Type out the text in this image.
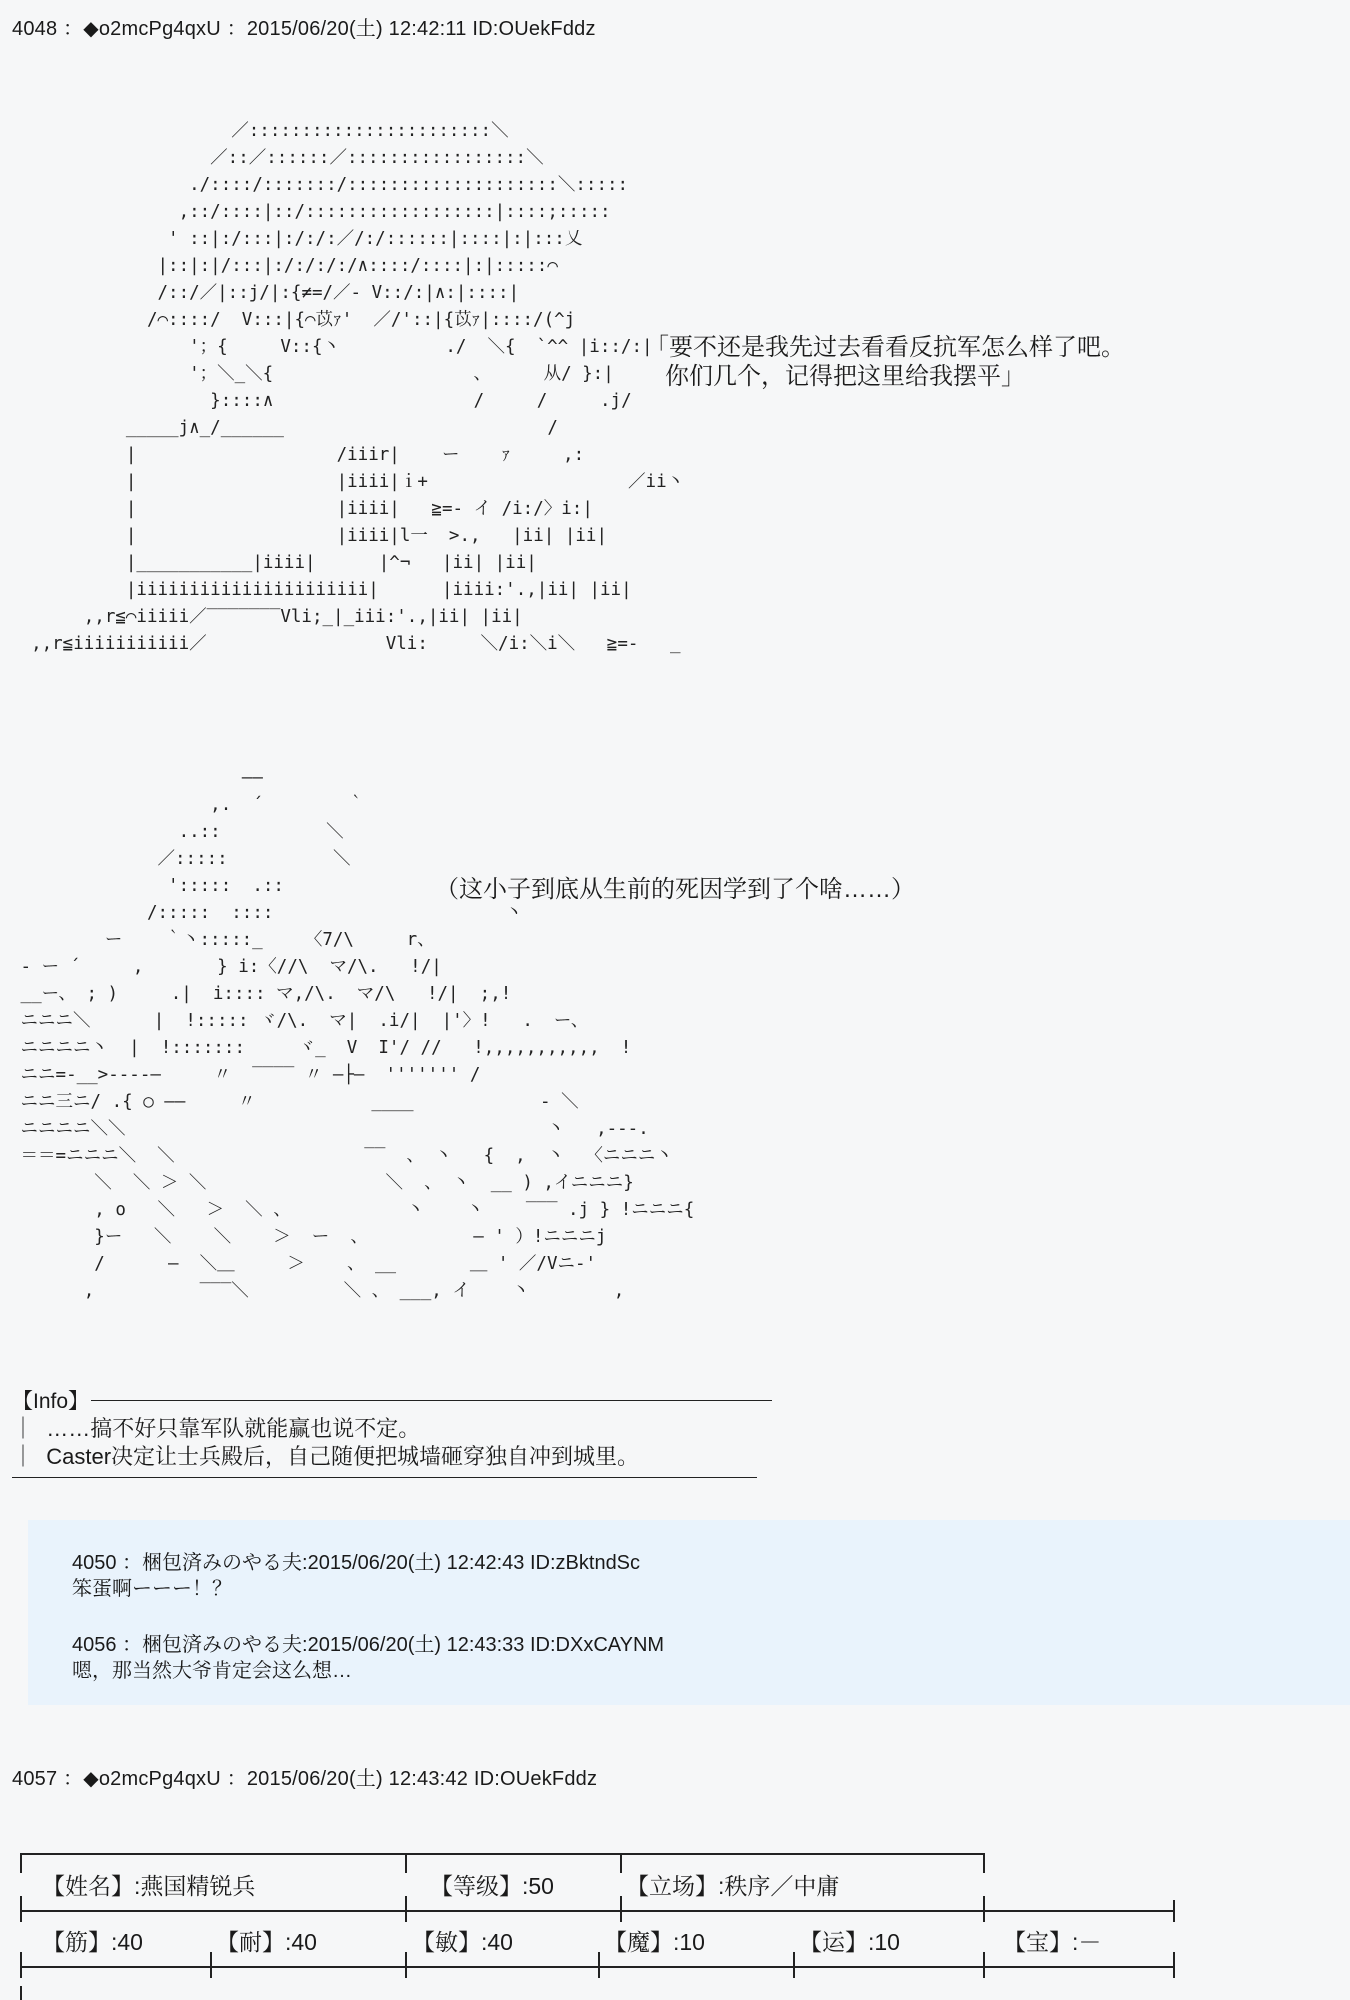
4048 ：◆o2mcPg4qxU ：2015/06/20(土) 12:42:11 ID:OUekFddz
／:::::::::::::::::::::::＼
／::／::::::／:::::::::::::::::＼
./::::/:::::::/::::::::::::::::::::＼:::::
,::/::::|::/::::::::::::::::::|::::;:::::
' ::|:/:::|:/:/:／/:/::::::|::::|:|:::乂
|::|:|/:::|:/:/:/:/∧::::/::::|:|:::::⌒
/::/／|::j/|:{≠=/／- V::/:|∧:|::::|
/⌒::::/  V:::|{⌒苡ｧ'  ／/'::|{苡ｧ|::::/(^j
'；{     V::{丶          ./  ＼{  `^^ |i::/:|
'；＼_＼{                   、     从/ }:|
}::::∧                   /     /     .j/
_____j∧_/______                         /
|                   /iiir|    ー    ｧ     ,:
|                   |iiii|ｉ+                   ／ii丶
|                   |iiii|   ≧=- イ /i:/〉i:|
|                   |iiii|l一  >.,   |ii| |ii|
|___________|iiii|      |^¬   |ii| |ii|
|iiiiiiiiiiiiiiiiiiiiii|      |iiii:'.,|ii| |ii|
,,r≦⌒iiiii／‾‾‾‾‾‾‾Vli;_|_iii:'.,|ii| |ii|
,,r≦iiiiiiiiiii／                 Vli:     ＼/i:＼i＼   ≧=-   _
「要不还是我先过去看看反抗军怎么样了吧。
你们几个，记得把这里给我摆平」
――
,.  ´        ｀
..::          ＼
／:::::          ＼
':::::  .::
/:::::  ::::                      丶
ー    ｀丶:::::_    〈7/\     r、
- ー ´     ,       } i:〈//\  マ/\.   !/|
__ー、 ; )     .|  i:::: マ,/\.  マ/\   !/|  ;,!
ニニニ＼      |  !::::: ヾ/\.  マ|  .i/|  |'〉!   .  ー、
ニニニニ丶  |  !:::::::     ヾ_  V  I'/ //   !,,,,,,,,,,,  !
ニニ=-__>---‐―     〃  ‾‾‾‾ 〃 ―├―  ''''''' /
ニニ三ニ/ .{ ○ ――     〃           ____            ‐ ＼
ニニニニ＼＼                                        丶   ,---.
＝＝=ニニニ＼  ＼                  ‾‾  、 丶   {  ,  丶  〈ニニニ丶
＼  ＼ ＞ ＼                 ＼  、 丶  __ ) ,イニニニ}
, o   ＼   ＞  ＼ 、           丶    丶    ‾‾‾ .j } !ニニニ{
}ー   ＼    ＼    ＞  ー  、          ― ' ）!ニニニj
/      ―  ＼＿     ＞    、 __       ＿ ' ／/Vニ-'
,          ‾‾‾＼         ＼ 、 ___, イ    丶        ,
（这小子到底从生前的死因学到了个啥……）
【Info】
｜  ……搞不好只靠军队就能赢也说不定。
｜  Caster决定让士兵殿后，自己随便把城墙砸穿独自冲到城里。
4050 ：梱包済みのやる夫:2015/06/20(土) 12:42:43 ID:zBktndSc
笨蛋啊ーーー！？
4056 ：梱包済みのやる夫:2015/06/20(土) 12:43:33 ID:DXxCAYNM
嗯，那当然大爷肯定会这么想…
4057 ：◆o2mcPg4qxU ：2015/06/20(土) 12:43:42 ID:OUekFddz
【姓名】:燕国精锐兵	【等级】:50	【立场】:秩序／中庸
【筋】:40	【耐】:40	【敏】:40	【魔】:10	【运】:10	【宝】:－
